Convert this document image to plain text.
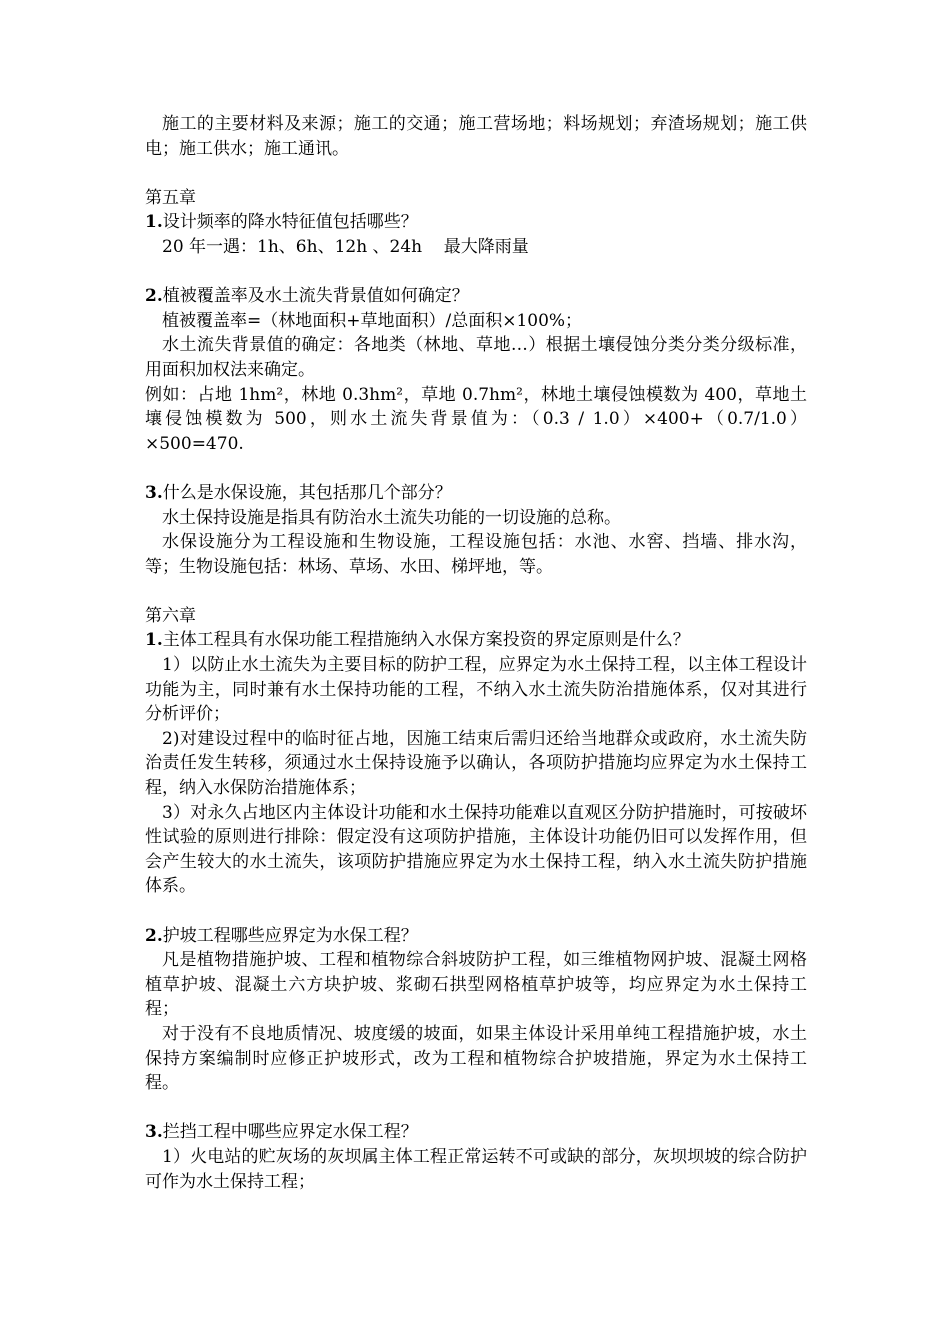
施工的主要材料及来源；施工的交通；施工营场地；料场规划；弃渣场规划；施工供电；施工供水；施工通讯。

第五章

1.设计频率的降水特征值包括哪些？

20 年一遇：1h、6h、12h 、24h    最大降雨量

2.植被覆盖率及水土流失背景值如何确定？

植被覆盖率=（林地面积+草地面积）/总面积×100%；

水土流失背景值的确定：各地类（林地、草地…）根据土壤侵蚀分类分类分级标准，用面积加权法来确定。

例如：占地 1hm²，林地 0.3hm²，草地 0.7hm²，林地土壤侵蚀模数为 400，草地土壤侵蚀模数为 500，则水土流失背景值为：（0.3 / 1.0）×400+（0.7/1.0）×500=470.

3.什么是水保设施，其包括那几个部分？

水土保持设施是指具有防治水土流失功能的一切设施的总称。

水保设施分为工程设施和生物设施，工程设施包括：水池、水窖、挡墙、排水沟，等；生物设施包括：林场、草场、水田、梯坪地，等。

第六章

1.主体工程具有水保功能工程措施纳入水保方案投资的界定原则是什么？

1）以防止水土流失为主要目标的防护工程，应界定为水土保持工程，以主体工程设计功能为主，同时兼有水土保持功能的工程，不纳入水土流失防治措施体系，仅对其进行分析评价；

2)对建设过程中的临时征占地，因施工结束后需归还给当地群众或政府，水土流失防治责任发生转移，须通过水土保持设施予以确认，各项防护措施均应界定为水土保持工程，纳入水保防治措施体系；

3）对永久占地区内主体设计功能和水土保持功能难以直观区分防护措施时，可按破坏性试验的原则进行排除：假定没有这项防护措施，主体设计功能仍旧可以发挥作用，但会产生较大的水土流失，该项防护措施应界定为水土保持工程，纳入水土流失防护措施体系。

2.护坡工程哪些应界定为水保工程？

凡是植物措施护坡、工程和植物综合斜坡防护工程，如三维植物网护坡、混凝土网格植草护坡、混凝土六方块护坡、浆砌石拱型网格植草护坡等，均应界定为水土保持工程；

对于没有不良地质情况、坡度缓的坡面，如果主体设计采用单纯工程措施护坡，水土保持方案编制时应修正护坡形式，改为工程和植物综合护坡措施，界定为水土保持工程。

3.拦挡工程中哪些应界定水保工程？

1）火电站的贮灰场的灰坝属主体工程正常运转不可或缺的部分，灰坝坝坡的综合防护可作为水土保持工程；
